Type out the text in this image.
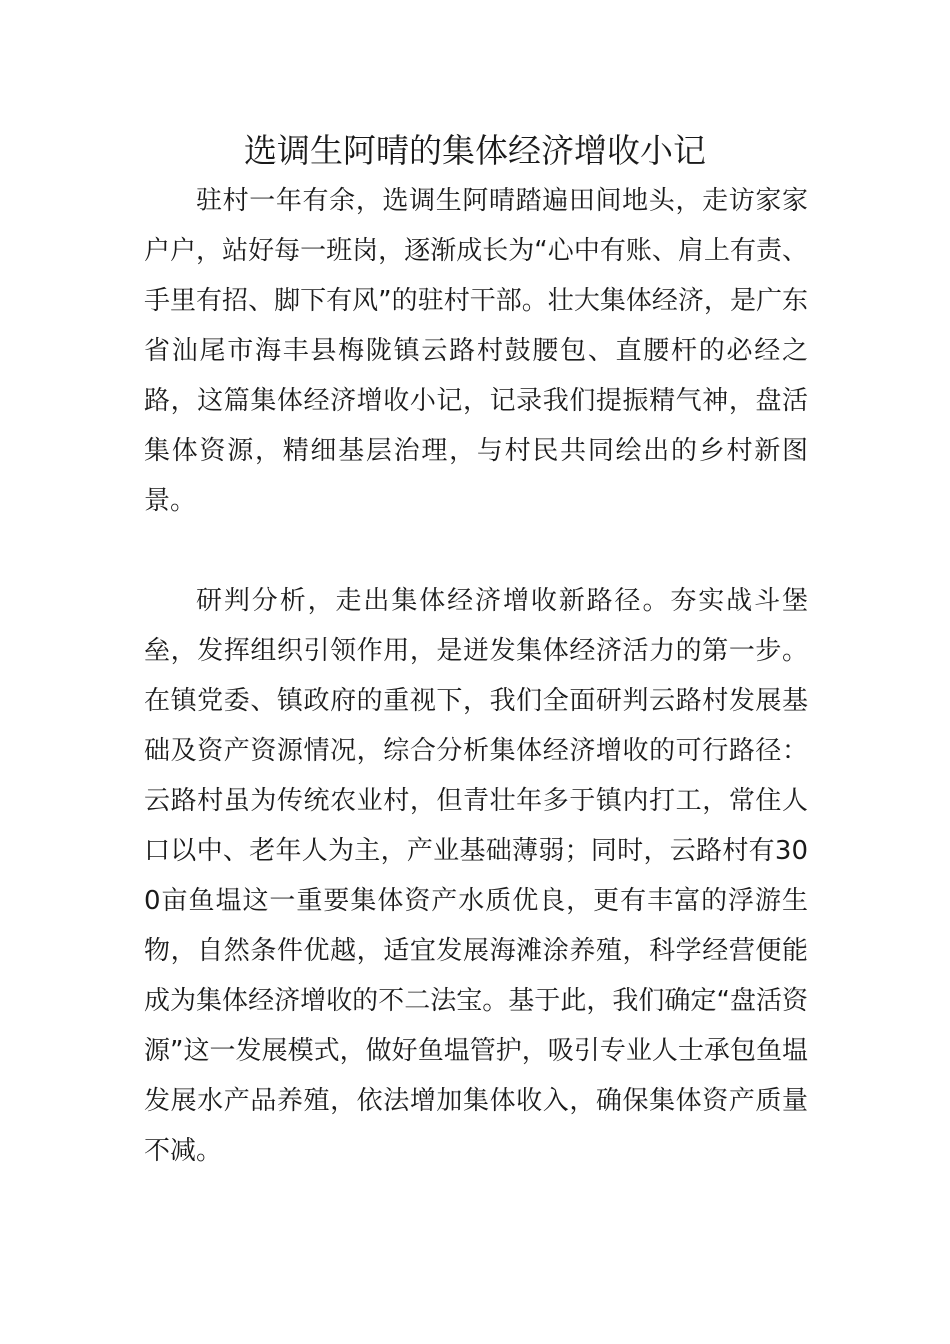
选调生阿晴的集体经济增收小记

驻村一年有余，选调生阿晴踏遍田间地头，走访家家户户，站好每一班岗，逐渐成长为“心中有账、肩上有责、手里有招、脚下有风”的驻村干部。壮大集体经济，是广东省汕尾市海丰县梅陇镇云路村鼓腰包、直腰杆的必经之路，这篇集体经济增收小记，记录我们提振精气神，盘活集体资源，精细基层治理，与村民共同绘出的乡村新图景。

研判分析，走出集体经济增收新路径。夯实战斗堡垒，发挥组织引领作用，是迸发集体经济活力的第一步。在镇党委、镇政府的重视下，我们全面研判云路村发展基础及资产资源情况，综合分析集体经济增收的可行路径：云路村虽为传统农业村，但青壮年多于镇内打工，常住人口以中、老年人为主，产业基础薄弱；同时，云路村有300亩鱼塭这一重要集体资产水质优良，更有丰富的浮游生物，自然条件优越，适宜发展海滩涂养殖，科学经营便能成为集体经济增收的不二法宝。基于此，我们确定“盘活资源”这一发展模式，做好鱼塭管护，吸引专业人士承包鱼塭发展水产品养殖，依法增加集体收入，确保集体资产质量不减。
